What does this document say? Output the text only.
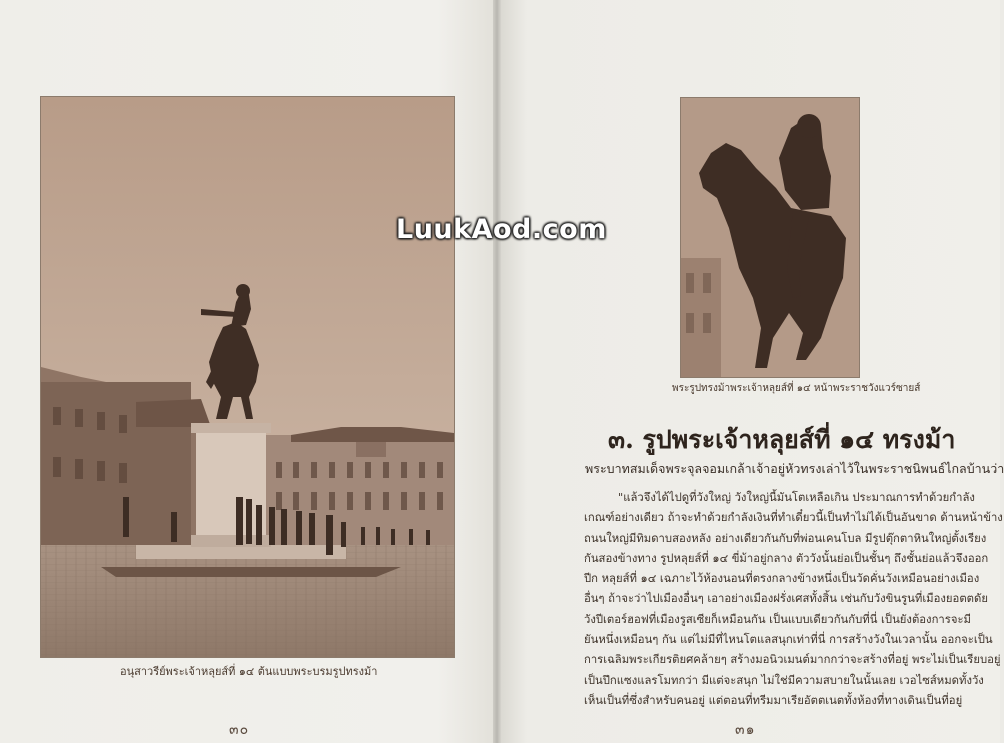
อนุสาวรีย์พระเจ้าหลุยส์ที่ ๑๔ ต้นแบบพระบรมรูปทรงม้า
๓๐
พระรูปทรงม้าพระเจ้าหลุยส์ที่ ๑๔ หน้าพระราชวังแวร์ซายส์
๓. รูปพระเจ้าหลุยส์ที่ ๑๔ ทรงม้า
พระบาทสมเด็จพระจุลจอมเกล้าเจ้าอยู่หัวทรงเล่าไว้ในพระราชนิพนธ์ไกลบ้านว่า
"แล้วจึงได้ไปดูที่วังใหญ่ วังใหญ่นี้มันโตเหลือเกิน ประมาณการทำด้วยกำลัง
เกณฑ์อย่างเดียว ถ้าจะทำด้วยกำลังเงินที่ทำเดี๋ยวนี้เป็นทำไม่ได้เป็นอันขาด ด้านหน้าข้าง
ถนนใหญ่มีทิมดาบสองหลัง อย่างเดียวกันกับที่พ่อนเคนโบล มีรูปตุ๊กตาหินใหญ่ตั้งเรียง
กันสองข้างทาง รูปหลุยส์ที่ ๑๔ ขี่ม้าอยู่กลาง ตัววังนั้นย่อเป็นชั้นๆ ถึงชั้นย่อแล้วจึงออก
ปีก หลุยส์ที่ ๑๔ เฉภาะไว้ห้องนอนที่ตรงกลางข้างหนึ่งเป็นวัดคั่นวังเหมือนอย่างเมือง
อื่นๆ ถ้าจะว่าไปเมืองอื่นๆ เอาอย่างเมืองฝรั่งเศสทั้งสิ้น เช่นกับวังขินรูนที่เมืองยอตตดัย
วังปีเตอร์ฮอฟที่เมืองรูสเซียก็เหมือนกัน เป็นแบบเดียวกันกับที่นี่ เป็นยังต้องการจะมี
ยันหนึ่งเหมือนๆ กัน แต่ไม่มีที่ไหนโตแลสนุกเท่าที่นี่ การสร้างวังในเวลานั้น ออกจะเป็น
การเฉลิมพระเกียรติยศคล้ายๆ สร้างมอนิวเมนต์มากกว่าจะสร้างที่อยู่ พระไม่เป็นเรียบอยู่
เป็นปึกแซงแลรโมทกว่า มีแต่จะสนุก ไม่ใช่มีความสบายในนั้นเลย เวอไซส์หมดทั้งวัง
เห็นเป็นที่ซึ่งสำหรับคนอยู่ แต่ตอนที่ทรีมมาเรียอัตตเนตทั้งห้องที่ทางเดินเป็นที่อยู่
๓๑
LuukAod.com
